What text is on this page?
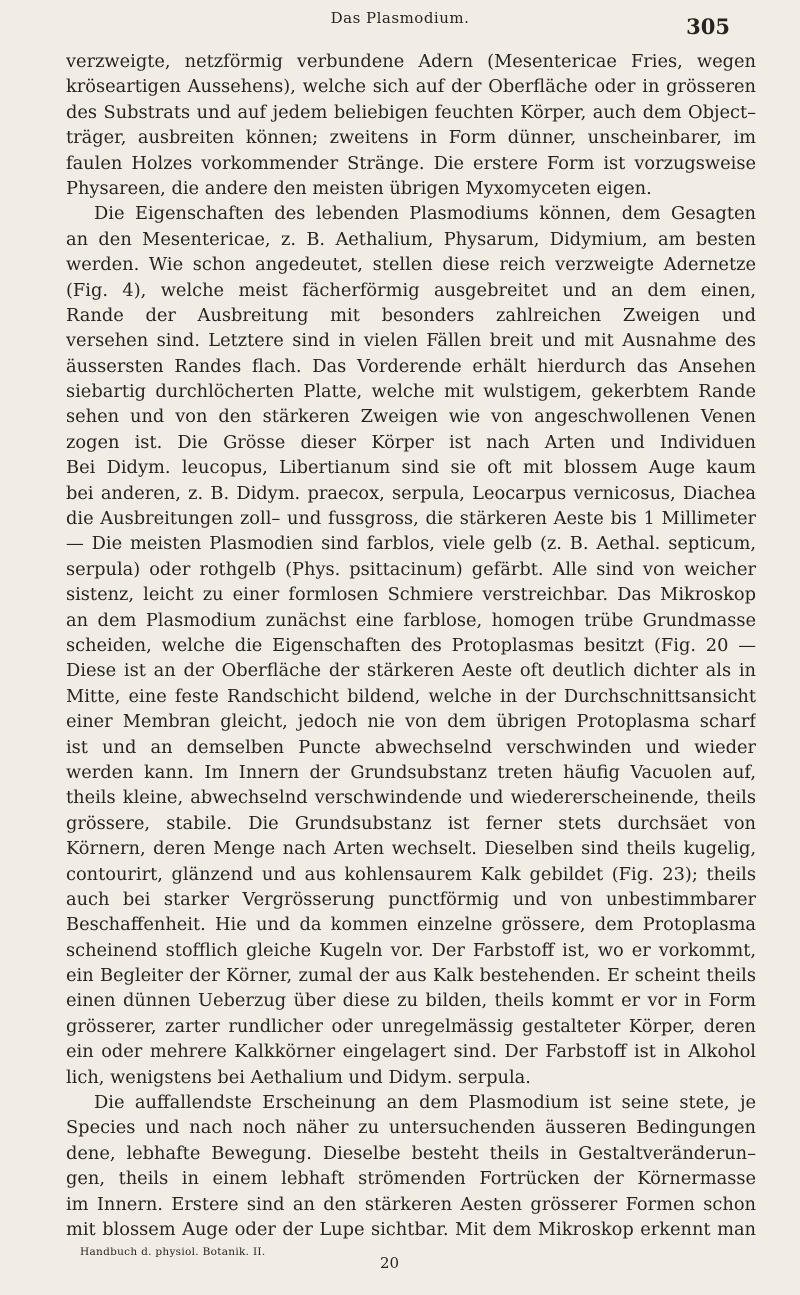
Das Plasmodium.	305
verzweigte, netzförmig verbundene Adern (Mesentericae Fries, wegen
kröseartigen Aussehens), welche sich auf der Oberfläche oder in grösseren
des Substrats und auf jedem beliebigen feuchten Körper, auch dem Object–
träger, ausbreiten können; zweitens in Form dünner, unscheinbarer, im
faulen Holzes vorkommender Stränge. Die erstere Form ist vorzugsweise
Physareen, die andere den meisten übrigen Myxomyceten eigen.
Die Eigenschaften des lebenden Plasmodiums können, dem Gesagten
an den Mesentericae, z. B. Aethalium, Physarum, Didymium, am besten
werden. Wie schon angedeutet, stellen diese reich verzweigte Adernetze
(Fig. 4), welche meist fächerförmig ausgebreitet und an dem einen,
Rande der Ausbreitung mit besonders zahlreichen Zweigen und
versehen sind. Letztere sind in vielen Fällen breit und mit Ausnahme des
äussersten Randes flach. Das Vorderende erhält hierdurch das Ansehen
siebartig durchlöcherten Platte, welche mit wulstigem, gekerbtem Rande
sehen und von den stärkeren Zweigen wie von angeschwollenen Venen
zogen ist. Die Grösse dieser Körper ist nach Arten und Individuen
Bei Didym. leucopus, Libertianum sind sie oft mit blossem Auge kaum
bei anderen, z. B. Didym. praecox, serpula, Leocarpus vernicosus, Diachea
die Ausbreitungen zoll– und fussgross, die stärkeren Aeste bis 1 Millimeter
— Die meisten Plasmodien sind farblos, viele gelb (z. B. Aethal. septicum,
serpula) oder rothgelb (Phys. psittacinum) gefärbt. Alle sind von weicher
sistenz, leicht zu einer formlosen Schmiere verstreichbar. Das Mikroskop
an dem Plasmodium zunächst eine farblose, homogen trübe Grundmasse
scheiden, welche die Eigenschaften des Protoplasmas besitzt (Fig. 20 —
Diese ist an der Oberfläche der stärkeren Aeste oft deutlich dichter als in
Mitte, eine feste Randschicht bildend, welche in der Durchschnittsansicht
einer Membran gleicht, jedoch nie von dem übrigen Protoplasma scharf
ist und an demselben Puncte abwechselnd verschwinden und wieder
werden kann. Im Innern der Grundsubstanz treten häufig Vacuolen auf,
theils kleine, abwechselnd verschwindende und wiedererscheinende, theils
grössere, stabile. Die Grundsubstanz ist ferner stets durchsäet von
Körnern, deren Menge nach Arten wechselt. Dieselben sind theils kugelig,
contourirt, glänzend und aus kohlensaurem Kalk gebildet (Fig. 23); theils
auch bei starker Vergrösserung punctförmig und von unbestimmbarer
Beschaffenheit. Hie und da kommen einzelne grössere, dem Protoplasma
scheinend stofflich gleiche Kugeln vor. Der Farbstoff ist, wo er vorkommt,
ein Begleiter der Körner, zumal der aus Kalk bestehenden. Er scheint theils
einen dünnen Ueberzug über diese zu bilden, theils kommt er vor in Form
grösserer, zarter rundlicher oder unregelmässig gestalteter Körper, deren
ein oder mehrere Kalkkörner eingelagert sind. Der Farbstoff ist in Alkohol
lich, wenigstens bei Aethalium und Didym. serpula.
Die auffallendste Erscheinung an dem Plasmodium ist seine stete, je
Species und nach noch näher zu untersuchenden äusseren Bedingungen
dene, lebhafte Bewegung. Dieselbe besteht theils in Gestaltveränderun–
gen, theils in einem lebhaft strömenden Fortrücken der Körnermasse
im Innern. Erstere sind an den stärkeren Aesten grösserer Formen schon
mit blossem Auge oder der Lupe sichtbar. Mit dem Mikroskop erkennt man
Handbuch d. physiol. Botanik. II.
20
